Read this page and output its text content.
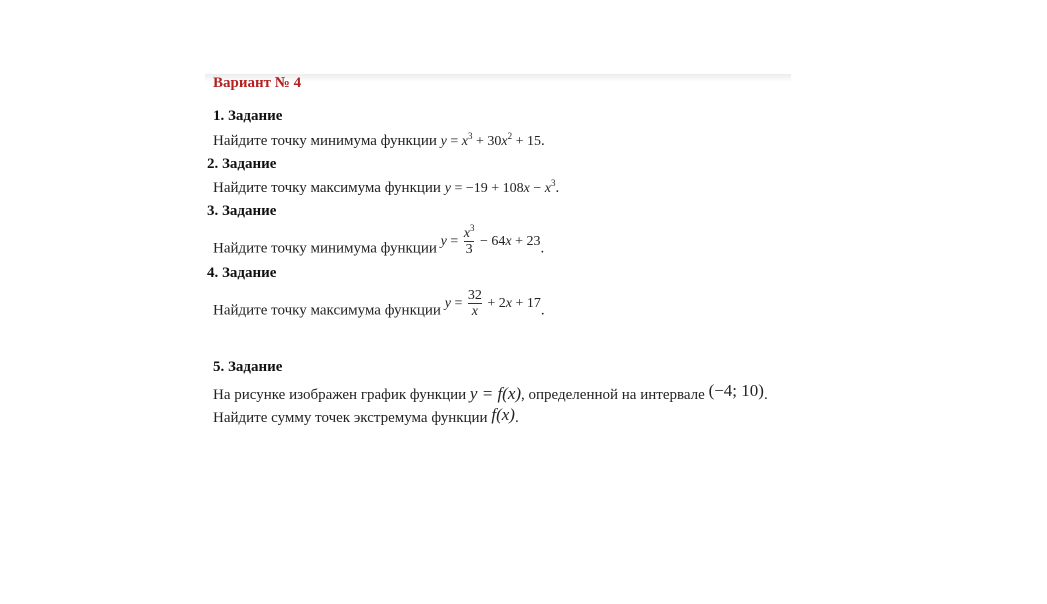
Вариант № 4
1. Задание
Найдите точку минимума функции $y = x^3 + 30x^2 + 15$.
2. Задание
Найдите точку максимума функции $y = -19 + 108x - x^3$.
3. Задание
Найдите точку минимума функции $y = \frac{x^3}{3} - 64x + 23$.
4. Задание
Найдите точку максимума функции $y = \frac{32}{x} + 2x + 17$.
5. Задание
На рисунке изображен график функции y = f(x), определенной на интервале (−4; 10).
Найдите сумму точек экстремума функции f(x).
